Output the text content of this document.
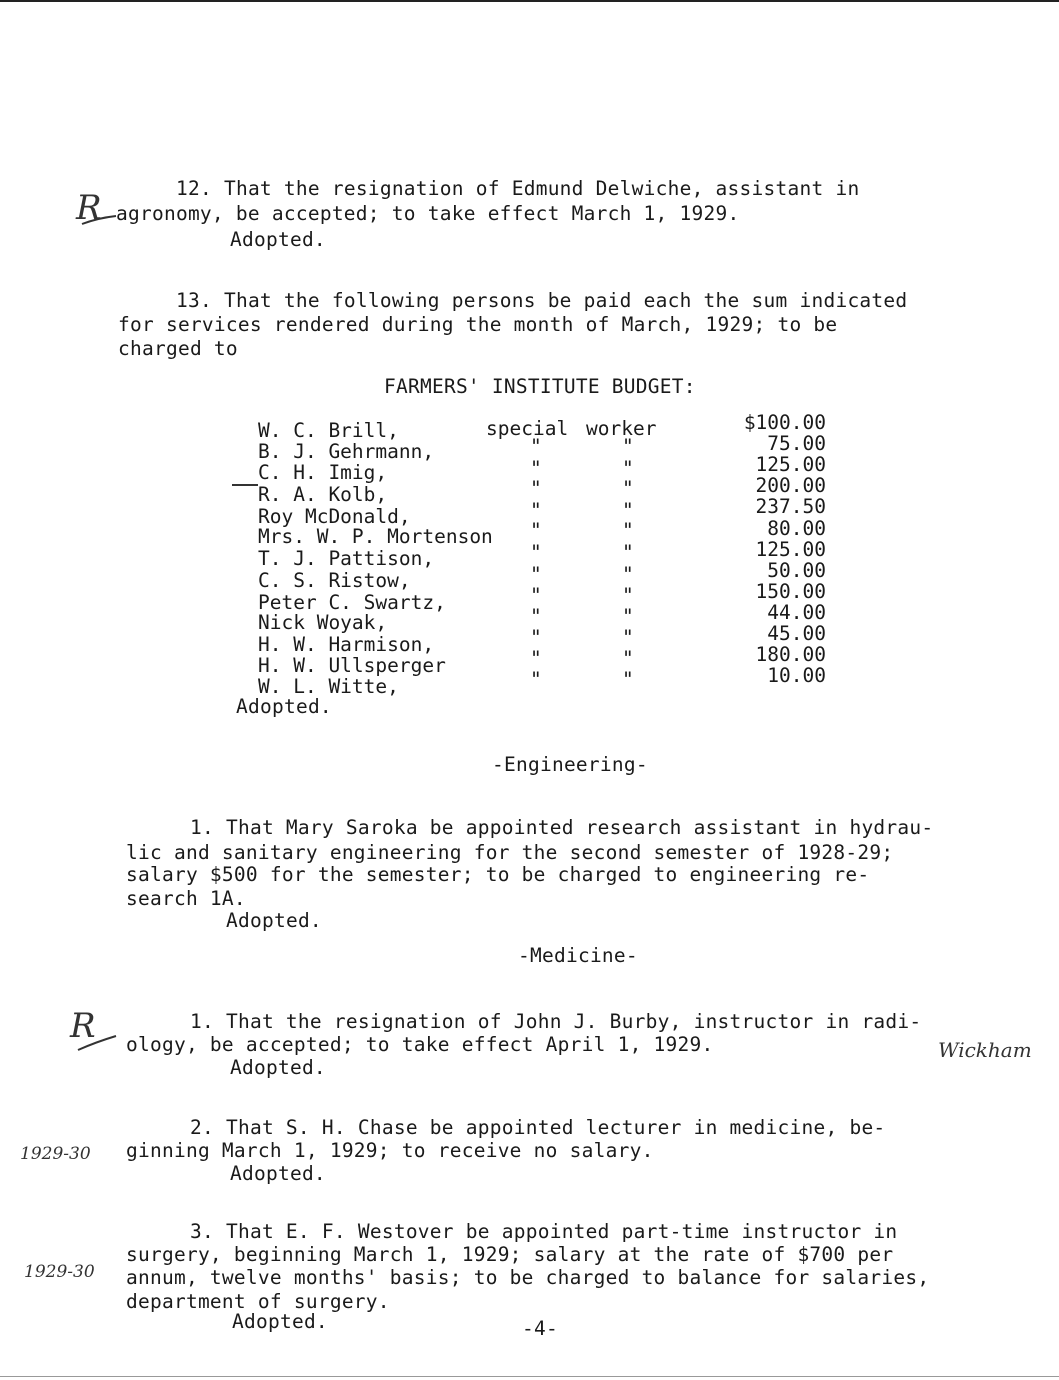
12. That the resignation of Edmund Delwiche, assistant in
agronomy, be accepted; to take effect March 1, 1929.
Adopted.
13. That the following persons be paid each the sum indicated
for services rendered during the month of March, 1929; to be
charged to
FARMERS' INSTITUTE BUDGET:
W. C. Brill,	special worker	$100.00
B. J. Gehrmann,	"	"	75.00
C. H. Imig,	"	"	125.00
R. A. Kolb,	"	"	200.00
Roy McDonald,	"	"	237.50
Mrs. W. P. Mortenson "	"	80.00
T. J. Pattison,	"	"	125.00
C. S. Ristow,	"	"	50.00
Peter C. Swartz,	"	"	150.00
Nick Woyak,	"	"	44.00
H. W. Harmison,	"	"	45.00
H. W. Ullsperger	"	"	180.00
W. L. Witte,	"	"	10.00
Adopted.
-Engineering-
1. That Mary Saroka be appointed research assistant in hydrau-
lic and sanitary engineering for the second semester of 1928-29;
salary $500 for the semester; to be charged to engineering re-
search 1A.
Adopted.
-Medicine-
1. That the resignation of John J. Burby, instructor in radi-
ology, be accepted; to take effect April 1, 1929.
Adopted.
2. That S. H. Chase be appointed lecturer in medicine, be-
ginning March 1, 1929; to receive no salary.
Adopted.
3. That E. F. Westover be appointed part-time instructor in
surgery, beginning March 1, 1929; salary at the rate of $700 per
annum, twelve months' basis; to be charged to balance for salaries,
department of surgery.
Adopted.	-4-
R
R
1929-30
1929-30
Wickham
